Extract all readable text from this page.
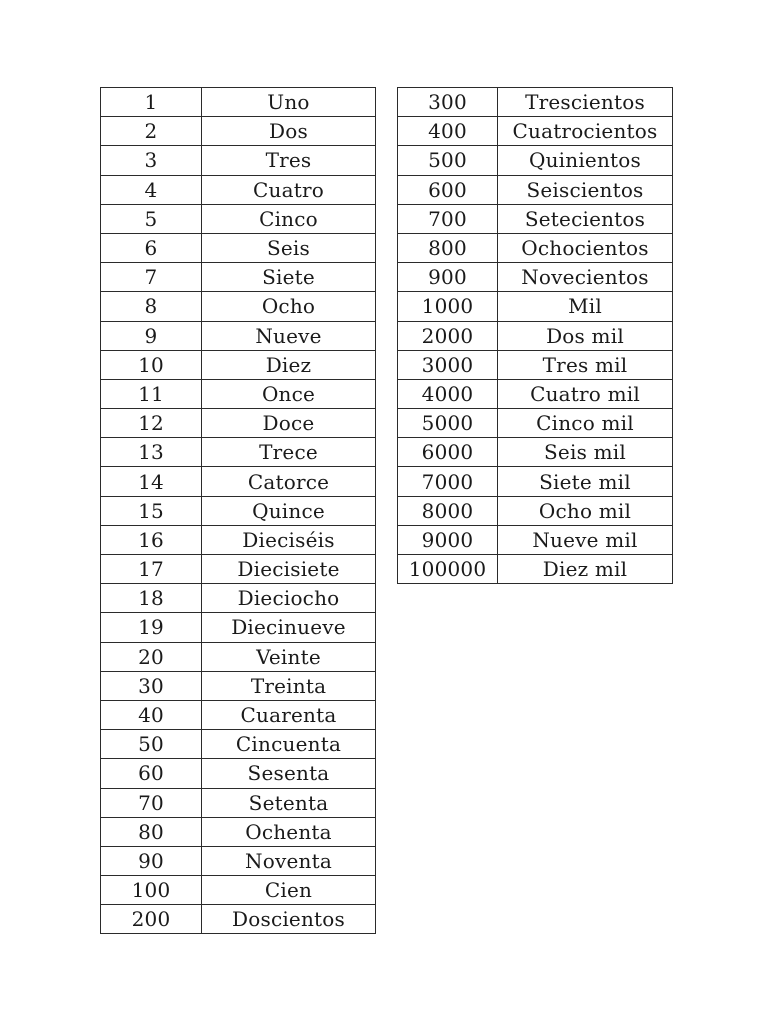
1	Uno
2	Dos
3	Tres
4	Cuatro
5	Cinco
6	Seis
7	Siete
8	Ocho
9	Nueve
10	Diez
11	Once
12	Doce
13	Trece
14	Catorce
15	Quince
16	Dieciséis
17	Diecisiete
18	Dieciocho
19	Diecinueve
20	Veinte
30	Treinta
40	Cuarenta
50	Cincuenta
60	Sesenta
70	Setenta
80	Ochenta
90	Noventa
100	Cien
200	Doscientos
300	Trescientos
400	Cuatrocientos
500	Quinientos
600	Seiscientos
700	Setecientos
800	Ochocientos
900	Novecientos
1000	Mil
2000	Dos mil
3000	Tres mil
4000	Cuatro mil
5000	Cinco mil
6000	Seis mil
7000	Siete mil
8000	Ocho mil
9000	Nueve mil
100000	Diez mil
